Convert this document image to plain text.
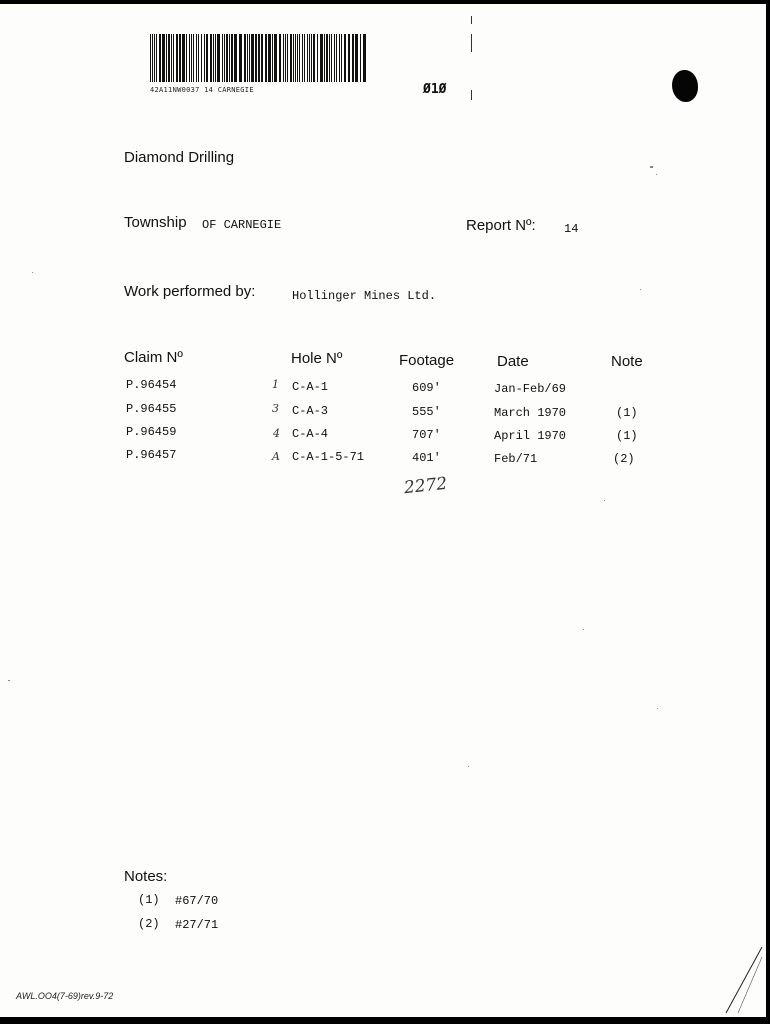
42A11NW0037 14 CARNEGIE	Ø1Ø
Diamond Drilling
Township OF CARNEGIE	Report Nº: 14
Work performed by:	Hollinger Mines Ltd.
Claim Nº	Hole Nº	Footage	Date	Note
P.96454	1 C-A-1	609'	Jan-Feb/69
P.96455	3 C-A-3	555'	March 1970	(1)
P.96459	4 C-A-4	707'	April 1970	(1)
P.96457	A C-A-1-5-71	401'	Feb/71	(2)
2272
Notes:
(1) #67/70
(2) #27/71
AWL.OO4(7-69)rev.9-72
